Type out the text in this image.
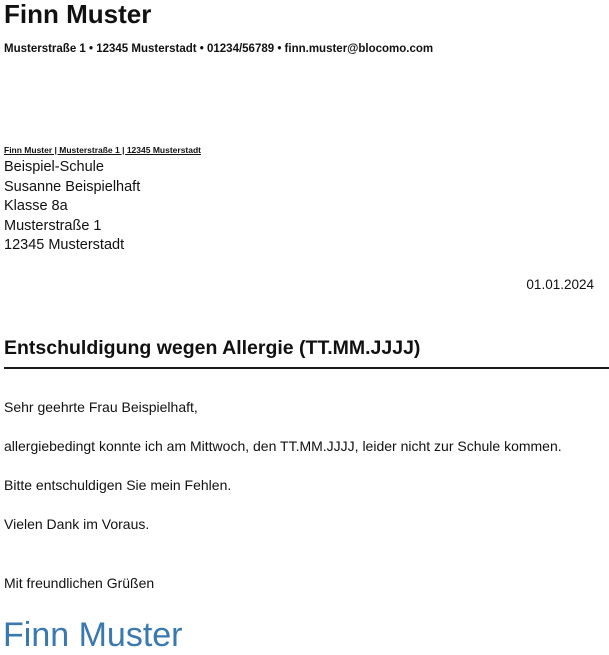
Finn Muster
Musterstraße 1 • 12345 Musterstadt • 01234/56789 • finn.muster@blocomo.com
Finn Muster | Musterstraße 1 | 12345 Musterstadt
Beispiel-Schule
Susanne Beispielhaft
Klasse 8a
Musterstraße 1
12345 Musterstadt
01.01.2024
Entschuldigung wegen Allergie (TT.MM.JJJJ)
Sehr geehrte Frau Beispielhaft,
allergiebedingt konnte ich am Mittwoch, den TT.MM.JJJJ, leider nicht zur Schule kommen.
Bitte entschuldigen Sie mein Fehlen.
Vielen Dank im Voraus.
Mit freundlichen Grüßen
Finn Muster
